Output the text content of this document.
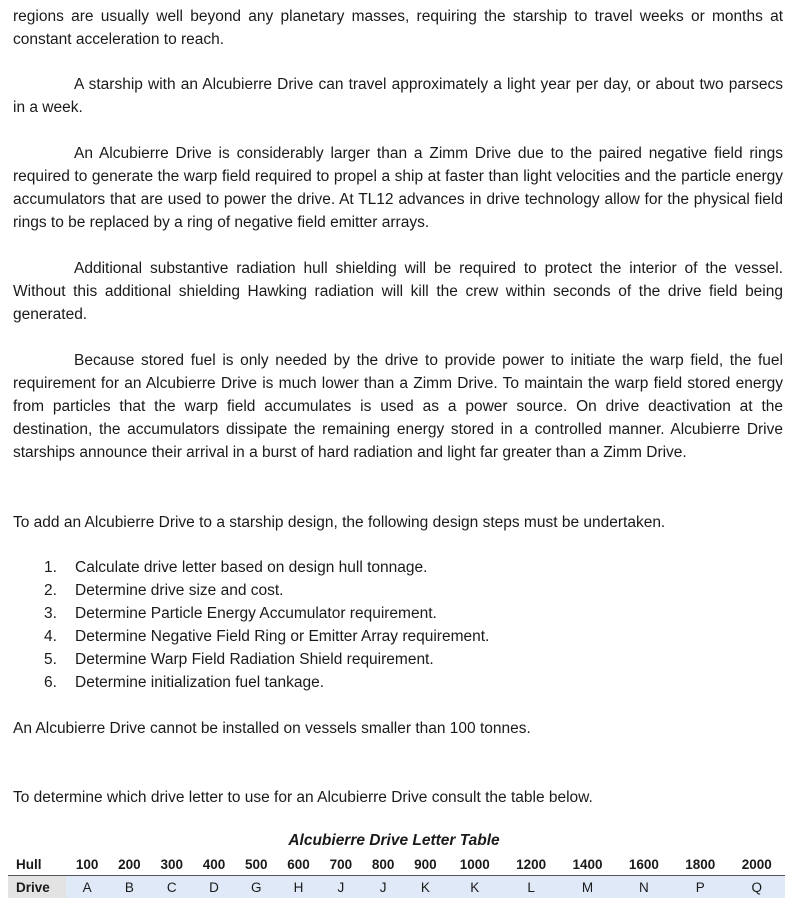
regions are usually well beyond any planetary masses, requiring the starship to travel weeks or months at constant acceleration to reach.

A starship with an Alcubierre Drive can travel approximately a light year per day, or about two parsecs in a week.

An Alcubierre Drive is considerably larger than a Zimm Drive due to the paired negative field rings required to generate the warp field required to propel a ship at faster than light velocities and the particle energy accumulators that are used to power the drive. At TL12 advances in drive technology allow for the physical field rings to be replaced by a ring of negative field emitter arrays.

Additional substantive radiation hull shielding will be required to protect the interior of the vessel. Without this additional shielding Hawking radiation will kill the crew within seconds of the drive field being generated.

Because stored fuel is only needed by the drive to provide power to initiate the warp field, the fuel requirement for an Alcubierre Drive is much lower than a Zimm Drive. To maintain the warp field stored energy from particles that the warp field accumulates is used as a power source. On drive deactivation at the destination, the accumulators dissipate the remaining energy stored in a controlled manner. Alcubierre Drive starships announce their arrival in a burst of hard radiation and light far greater than a Zimm Drive.

To add an Alcubierre Drive to a starship design, the following design steps must be undertaken.

1. Calculate drive letter based on design hull tonnage.
2. Determine drive size and cost.
3. Determine Particle Energy Accumulator requirement.
4. Determine Negative Field Ring or Emitter Array requirement.
5. Determine Warp Field Radiation Shield requirement.
6. Determine initialization fuel tankage.

An Alcubierre Drive cannot be installed on vessels smaller than 100 tonnes.

To determine which drive letter to use for an Alcubierre Drive consult the table below.

Alcubierre Drive Letter Table
Hull	100	200	300	400	500	600	700	800	900	1000	1200	1400	1600	1800	2000
Drive	A	B	C	D	G	H	J	J	K	K	L	M	N	P	Q
